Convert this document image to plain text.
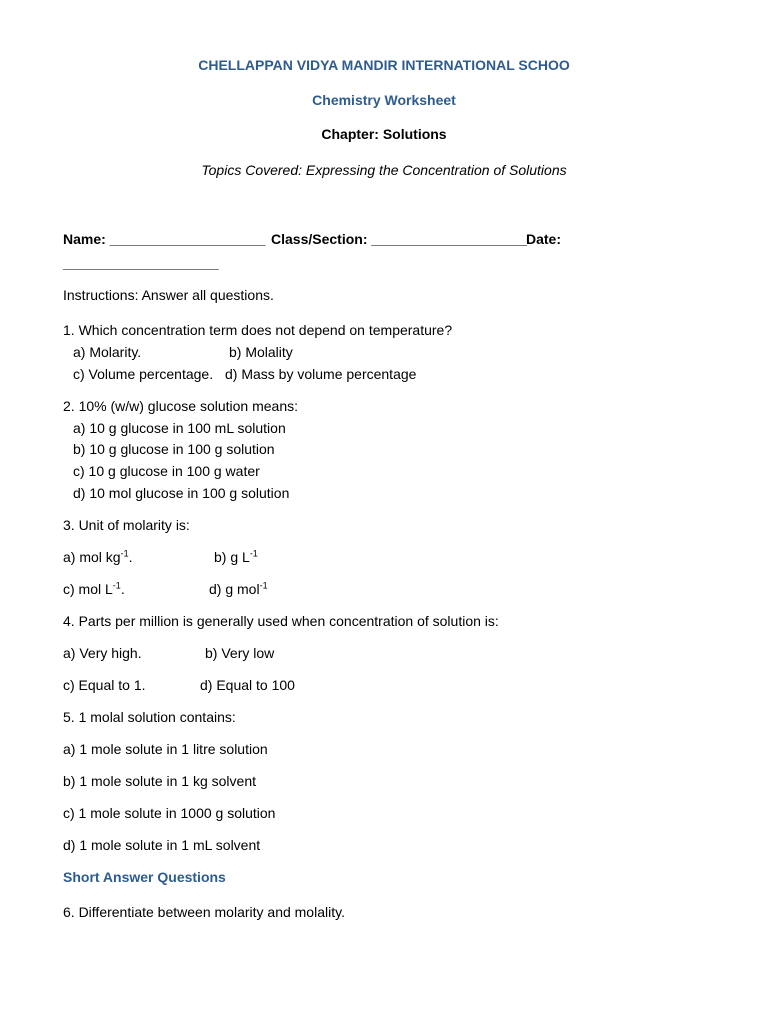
CHELLAPPAN VIDYA MANDIR INTERNATIONAL SCHOO
Chemistry Worksheet
Chapter: Solutions
Topics Covered: Expressing the Concentration of Solutions
Name: ____________________ Class/Section: ____________________
Date:
____________________
Instructions: Answer all questions.
1. Which concentration term does not depend on temperature?
a) Molarity.	b) Molality
c) Volume percentage. d) Mass by volume percentage
2. 10% (w/w) glucose solution means:
a) 10 g glucose in 100 mL solution
b) 10 g glucose in 100 g solution
c) 10 g glucose in 100 g water
d) 10 mol glucose in 100 g solution
3. Unit of molarity is:
a) mol $kg^{-1}$.	b) g $L^{-1}$
c) mol $L^{-1}$.	d) g mol$^{-1}$
4. Parts per million is generally used when concentration of solution is:
a) Very high.	b) Very low
c) Equal to 1.	d) Equal to 100
5. 1 molal solution contains:
a) 1 mole solute in 1 litre solution
b) 1 mole solute in 1 kg solvent
c) 1 mole solute in 1000 g solution
d) 1 mole solute in 1 mL solvent
Short Answer Questions
6. Differentiate between molarity and molality.
